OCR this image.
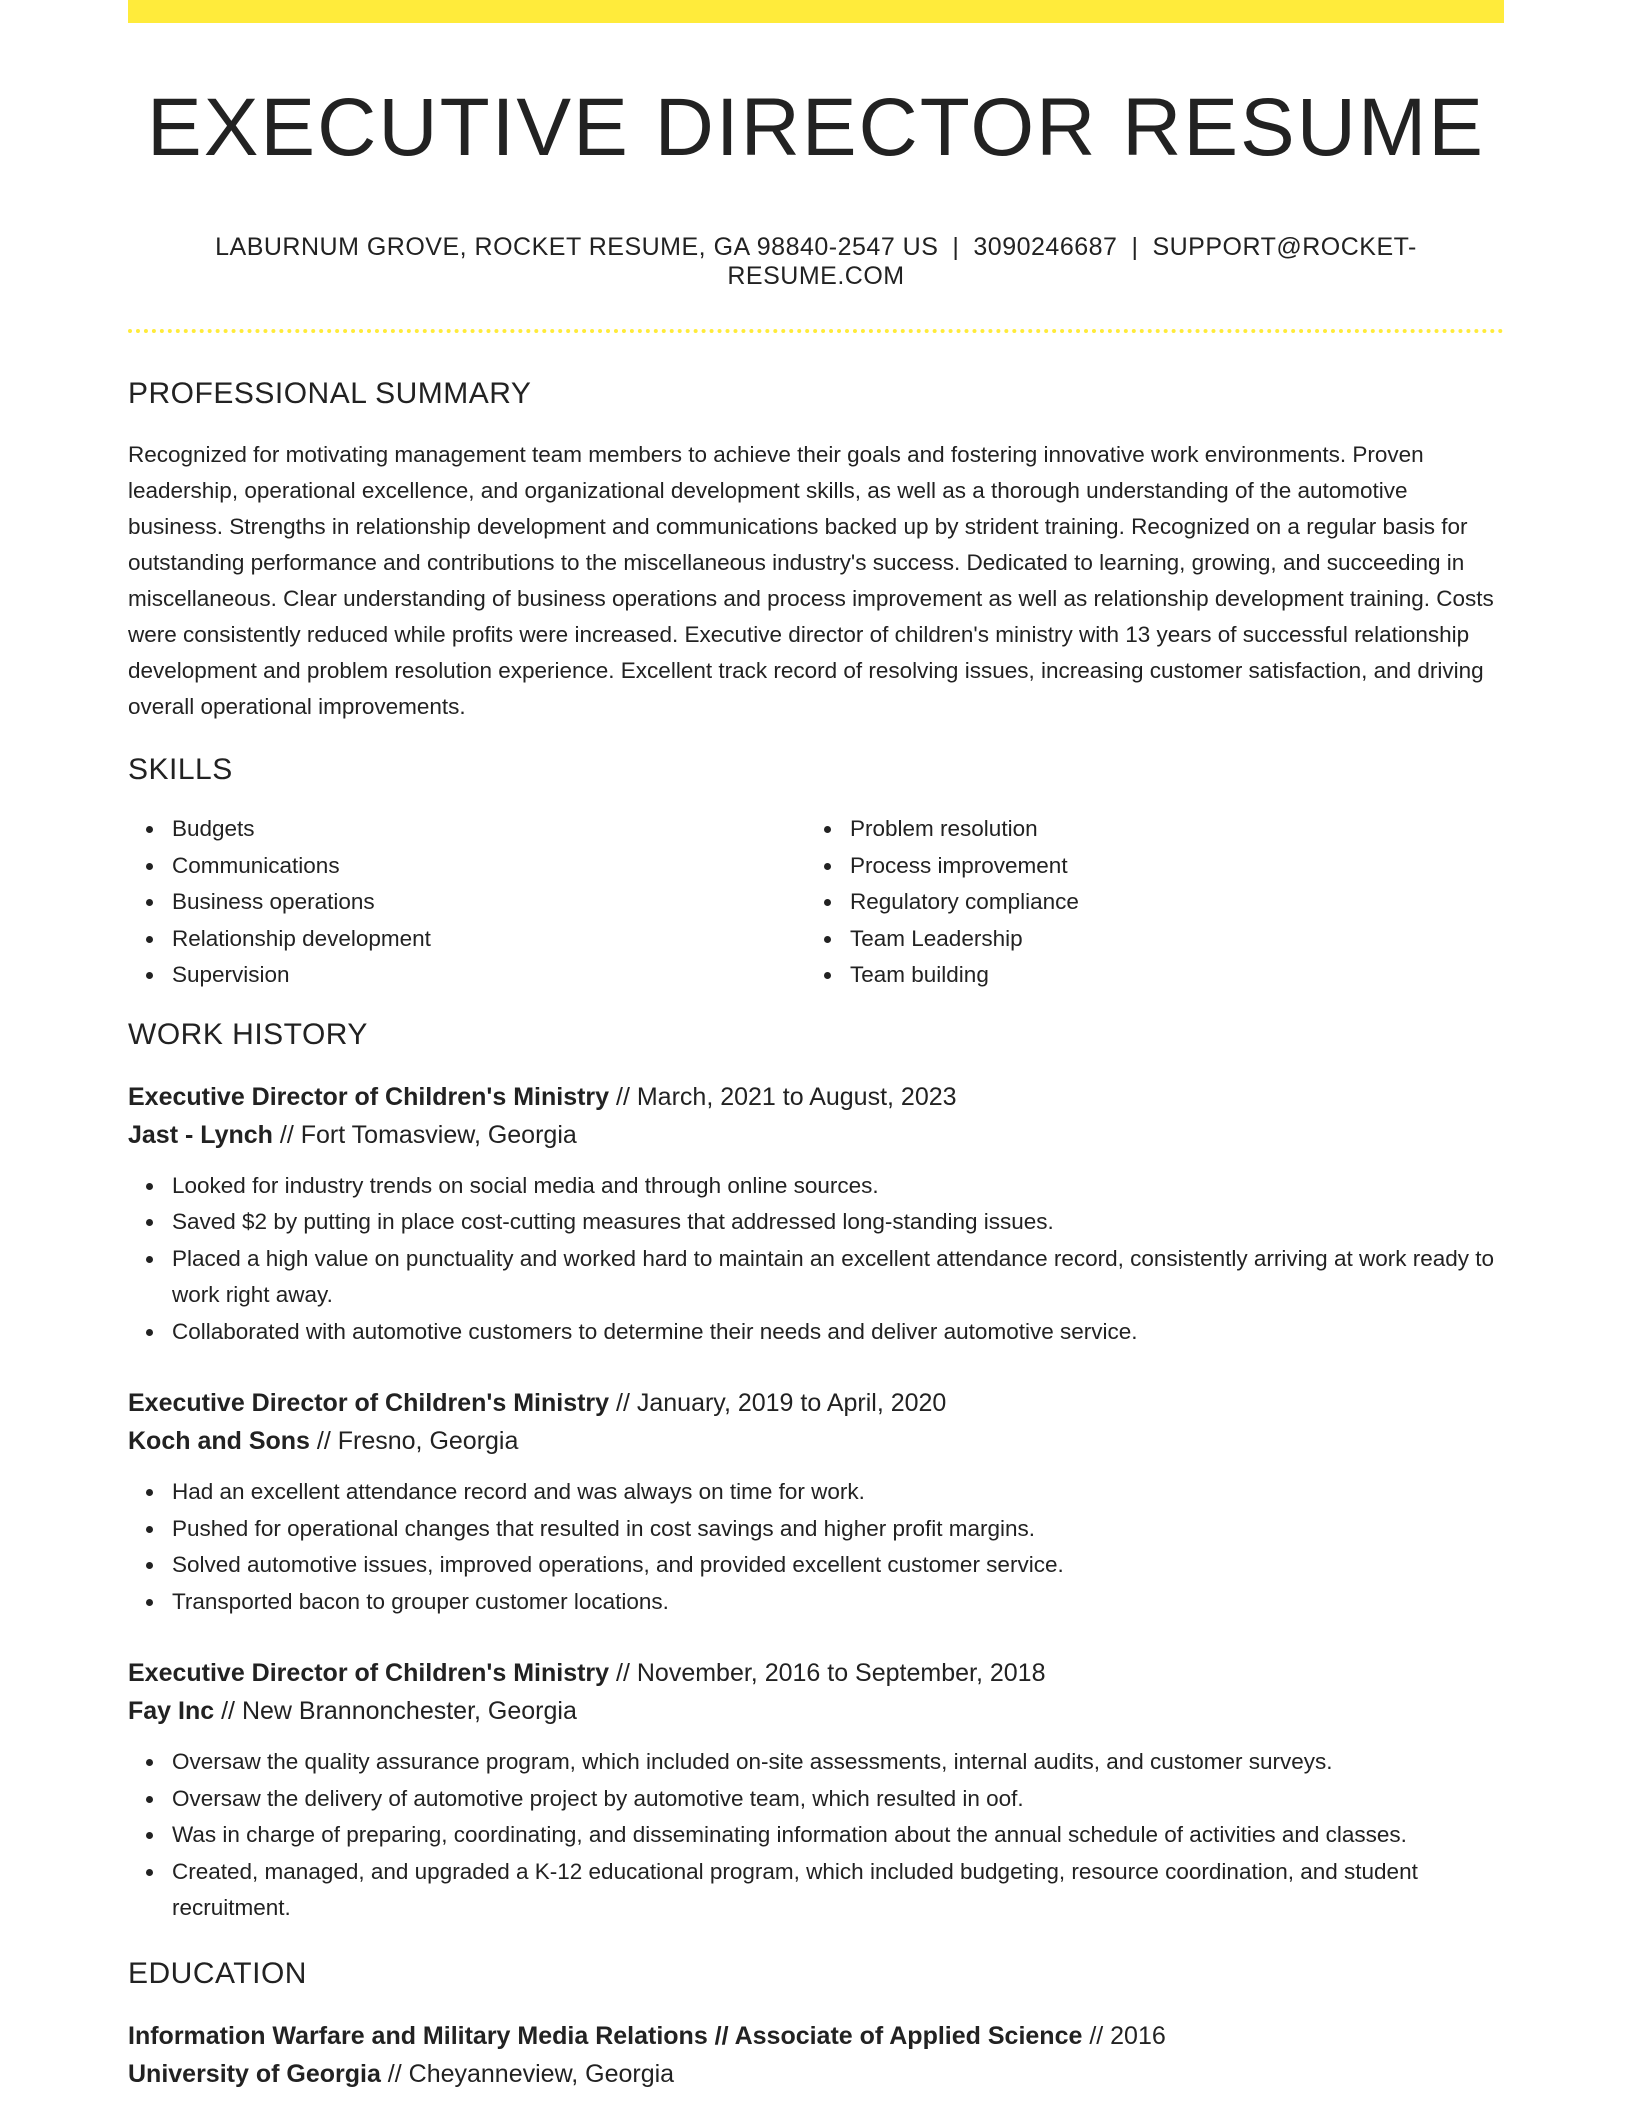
EXECUTIVE DIRECTOR RESUME
LABURNUM GROVE, ROCKET RESUME, GA 98840-2547 US | 3090246687 | SUPPORT@ROCKET-RESUME.COM
PROFESSIONAL SUMMARY

Recognized for motivating management team members to achieve their goals and fostering innovative work environments. Proven leadership, operational excellence, and organizational development skills, as well as a thorough understanding of the automotive business. Strengths in relationship development and communications backed up by strident training. Recognized on a regular basis for outstanding performance and contributions to the miscellaneous industry's success. Dedicated to learning, growing, and succeeding in miscellaneous. Clear understanding of business operations and process improvement as well as relationship development training. Costs were consistently reduced while profits were increased. Executive director of children's ministry with 13 years of successful relationship development and problem resolution experience. Excellent track record of resolving issues, increasing customer satisfaction, and driving overall operational improvements.

SKILLS
Budgets
Communications
Business operations
Relationship development
Supervision
Problem resolution
Process improvement
Regulatory compliance
Team Leadership
Team building
WORK HISTORY
Executive Director of Children's Ministry // March, 2021 to August, 2023
Jast - Lynch // Fort Tomasview, Georgia
Looked for industry trends on social media and through online sources.
Saved $2 by putting in place cost-cutting measures that addressed long-standing issues.
Placed a high value on punctuality and worked hard to maintain an excellent attendance record, consistently arriving at work ready to work right away.
Collaborated with automotive customers to determine their needs and deliver automotive service.
Executive Director of Children's Ministry // January, 2019 to April, 2020
Koch and Sons // Fresno, Georgia
Had an excellent attendance record and was always on time for work.
Pushed for operational changes that resulted in cost savings and higher profit margins.
Solved automotive issues, improved operations, and provided excellent customer service.
Transported bacon to grouper customer locations.
Executive Director of Children's Ministry // November, 2016 to September, 2018
Fay Inc // New Brannonchester, Georgia
Oversaw the quality assurance program, which included on-site assessments, internal audits, and customer surveys.
Oversaw the delivery of automotive project by automotive team, which resulted in oof.
Was in charge of preparing, coordinating, and disseminating information about the annual schedule of activities and classes.
Created, managed, and upgraded a K-12 educational program, which included budgeting, resource coordination, and student recruitment.
EDUCATION
Information Warfare and Military Media Relations // Associate of Applied Science // 2016
University of Georgia // Cheyanneview, Georgia
